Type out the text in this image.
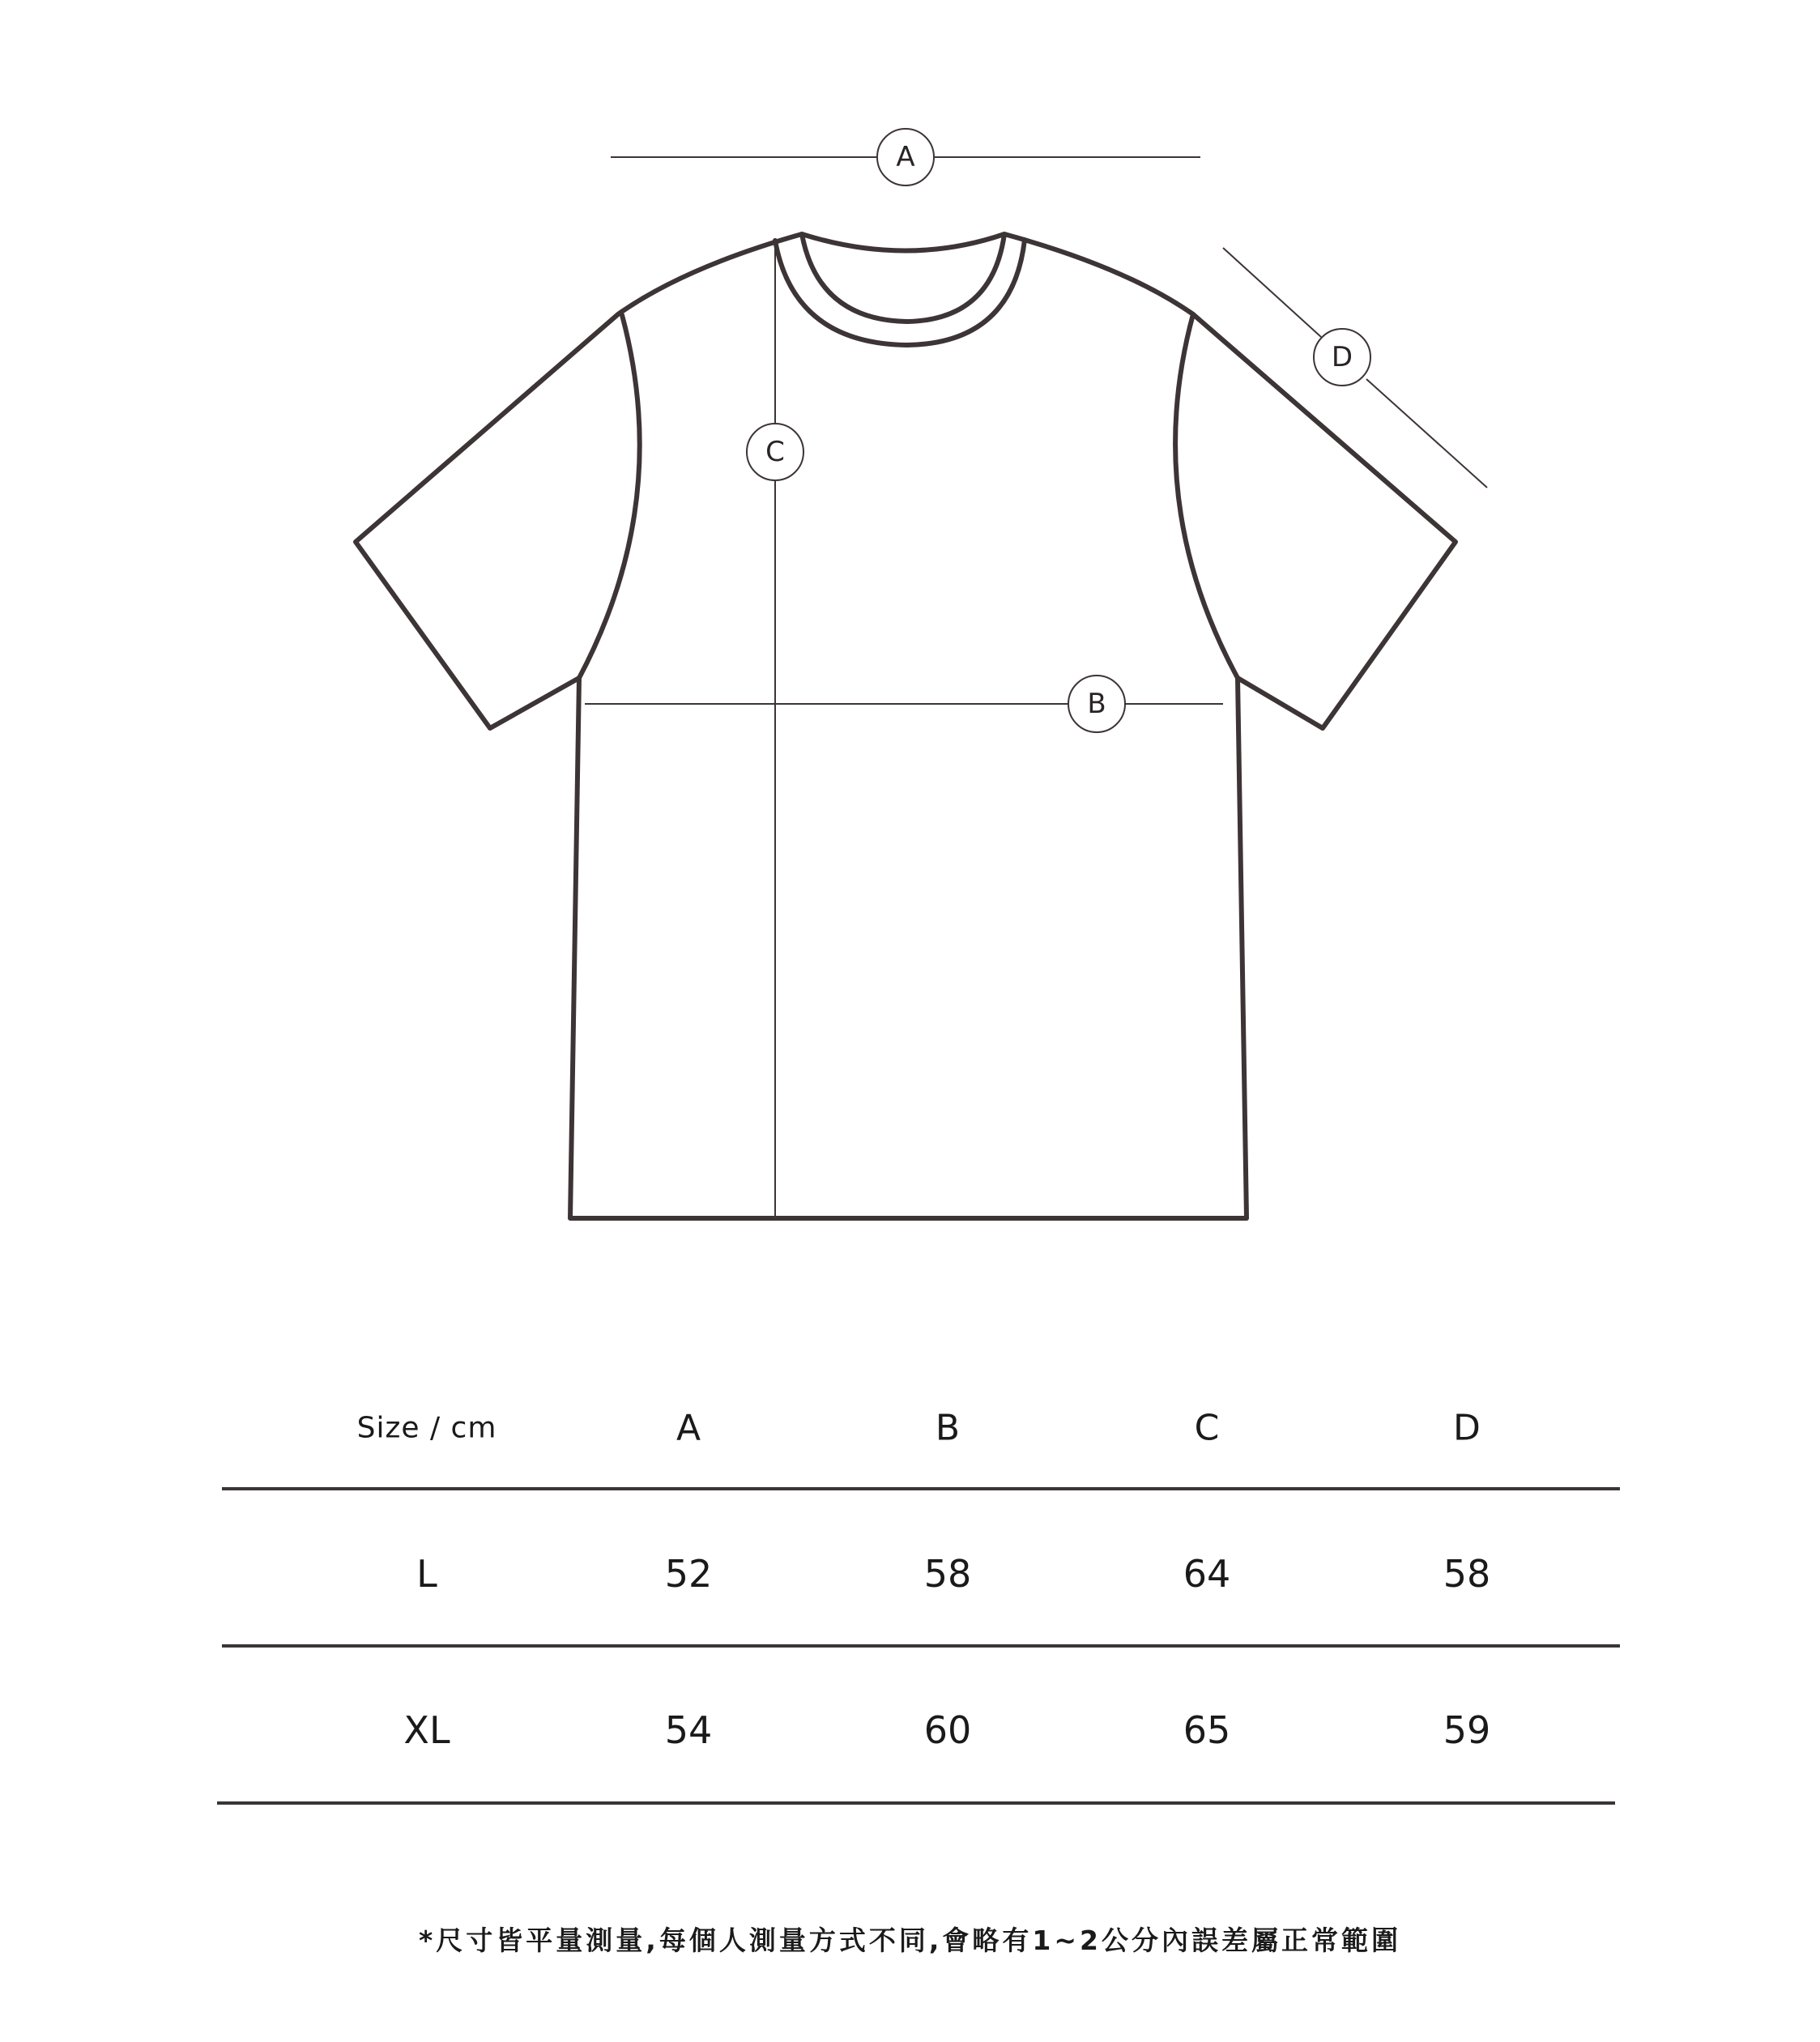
A
B
C
D
Size / cm	A	B	C	D
L	52	58	64	58
XL	54	60	65	59
*尺寸皆平量測量,每個人測量方式不同,會略有1~2公分內誤差屬正常範圍
